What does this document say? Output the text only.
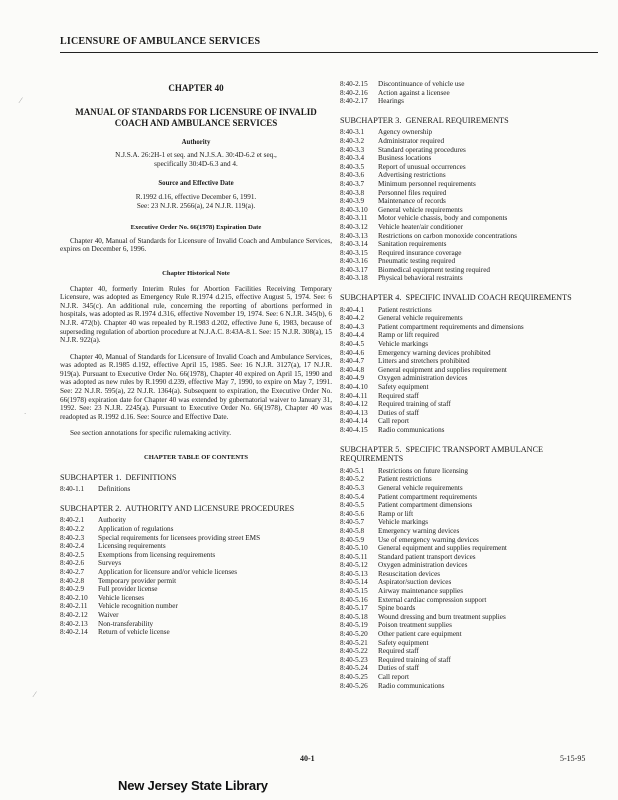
LICENSURE OF AMBULANCE SERVICES
⁄
ˑ
⁄
CHAPTER 40
MANUAL OF STANDARDS FOR LICENSURE OF INVALID COACH AND AMBULANCE SERVICES
Authority
N.J.S.A. 26:2H-1 et seq. and N.J.S.A. 30:4D-6.2 et seq., specifically 30:4D-6.3 and 4.
Source and Effective Date
R.1992 d.16, effective December 6, 1991.
See: 23 N.J.R. 2566(a), 24 N.J.R. 119(a).
Executive Order No. 66(1978) Expiration Date
Chapter 40, Manual of Standards for Licensure of Invalid Coach and Ambulance Services, expires on December 6, 1996.
Chapter Historical Note
Chapter 40, formerly Interim Rules for Abortion Facilities Receiving Temporary Licensure, was adopted as Emergency Rule R.1974 d.215, effective August 5, 1974. See: 6 N.J.R. 345(c). An additional rule, concerning the reporting of abortions performed in hospitals, was adopted as R.1974 d.316, effective November 19, 1974. See: 6 N.J.R. 345(b), 6 N.J.R. 472(b). Chapter 40 was repealed by R.1983 d.202, effective June 6, 1983, because of superseding regulation of abortion procedure at N.J.A.C. 8:43A-8.1. See: 15 N.J.R. 308(a), 15 N.J.R. 922(a).
Chapter 40, Manual of Standards for Licensure of Invalid Coach and Ambulance Services, was adopted as R.1985 d.192, effective April 15, 1985. See: 16 N.J.R. 3127(a), 17 N.J.R. 919(a). Pursuant to Executive Order No. 66(1978), Chapter 40 expired on April 15, 1990 and was adopted as new rules by R.1990 d.239, effective May 7, 1990, to expire on May 7, 1991. See: 22 N.J.R. 595(a), 22 N.J.R. 1364(a). Subsequent to expiration, the Executive Order No. 66(1978) expiration date for Chapter 40 was extended by gubernatorial waiver to January 31, 1992. See: 23 N.J.R. 2245(a). Pursuant to Executive Order No. 66(1978), Chapter 40 was readopted as R.1992 d.16. See: Source and Effective Date.
See section annotations for specific rulemaking activity.
CHAPTER TABLE OF CONTENTS
SUBCHAPTER 1. DEFINITIONS
8:40-1.1	Definitions
SUBCHAPTER 2. AUTHORITY AND LICENSURE PROCEDURES
8:40-2.1	Authority
8:40-2.2	Application of regulations
8:40-2.3	Special requirements for licensees providing street EMS
8:40-2.4	Licensing requirements
8:40-2.5	Exemptions from licensing requirements
8:40-2.6	Surveys
8:40-2.7	Application for licensure and/or vehicle licenses
8:40-2.8	Temporary provider permit
8:40-2.9	Full provider license
8:40-2.10	Vehicle licenses
8:40-2.11	Vehicle recognition number
8:40-2.12	Waiver
8:40-2.13	Non-transferability
8:40-2.14	Return of vehicle license
8:40-2.15	Discontinuance of vehicle use
8:40-2.16	Action against a licensee
8:40-2.17	Hearings
SUBCHAPTER 3. GENERAL REQUIREMENTS
8:40-3.1	Agency ownership
8:40-3.2	Administrator required
8:40-3.3	Standard operating procedures
8:40-3.4	Business locations
8:40-3.5	Report of unusual occurrences
8:40-3.6	Advertising restrictions
8:40-3.7	Minimum personnel requirements
8:40-3.8	Personnel files required
8:40-3.9	Maintenance of records
8:40-3.10	General vehicle requirements
8:40-3.11	Motor vehicle chassis, body and components
8:40-3.12	Vehicle heater/air conditioner
8:40-3.13	Restrictions on carbon monoxide concentrations
8:40-3.14	Sanitation requirements
8:40-3.15	Required insurance coverage
8:40-3.16	Pneumatic testing required
8:40-3.17	Biomedical equipment testing required
8:40-3.18	Physical behavioral restraints
SUBCHAPTER 4. SPECIFIC INVALID COACH REQUIREMENTS
8:40-4.1	Patient restrictions
8:40-4.2	General vehicle requirements
8:40-4.3	Patient compartment requirements and dimensions
8:40-4.4	Ramp or lift required
8:40-4.5	Vehicle markings
8:40-4.6	Emergency warning devices prohibited
8:40-4.7	Litters and stretchers prohibited
8:40-4.8	General equipment and supplies requirement
8:40-4.9	Oxygen administration devices
8:40-4.10	Safety equipment
8:40-4.11	Required staff
8:40-4.12	Required training of staff
8:40-4.13	Duties of staff
8:40-4.14	Call report
8:40-4.15	Radio communications
SUBCHAPTER 5. SPECIFIC TRANSPORT AMBULANCE REQUIREMENTS
8:40-5.1	Restrictions on future licensing
8:40-5.2	Patient restrictions
8:40-5.3	General vehicle requirements
8:40-5.4	Patient compartment requirements
8:40-5.5	Patient compartment dimensions
8:40-5.6	Ramp or lift
8:40-5.7	Vehicle markings
8:40-5.8	Emergency warning devices
8:40-5.9	Use of emergency warning devices
8:40-5.10	General equipment and supplies requirement
8:40-5.11	Standard patient transport devices
8:40-5.12	Oxygen administration devices
8:40-5.13	Resuscitation devices
8:40-5.14	Aspirator/suction devices
8:40-5.15	Airway maintenance supplies
8:40-5.16	External cardiac compression support
8:40-5.17	Spine boards
8:40-5.18	Wound dressing and burn treatment supplies
8:40-5.19	Poison treatment supplies
8:40-5.20	Other patient care equipment
8:40-5.21	Safety equipment
8:40-5.22	Required staff
8:40-5.23	Required training of staff
8:40-5.24	Duties of staff
8:40-5.25	Call report
8:40-5.26	Radio communications
40-1	5-15-95
New Jersey State Library
